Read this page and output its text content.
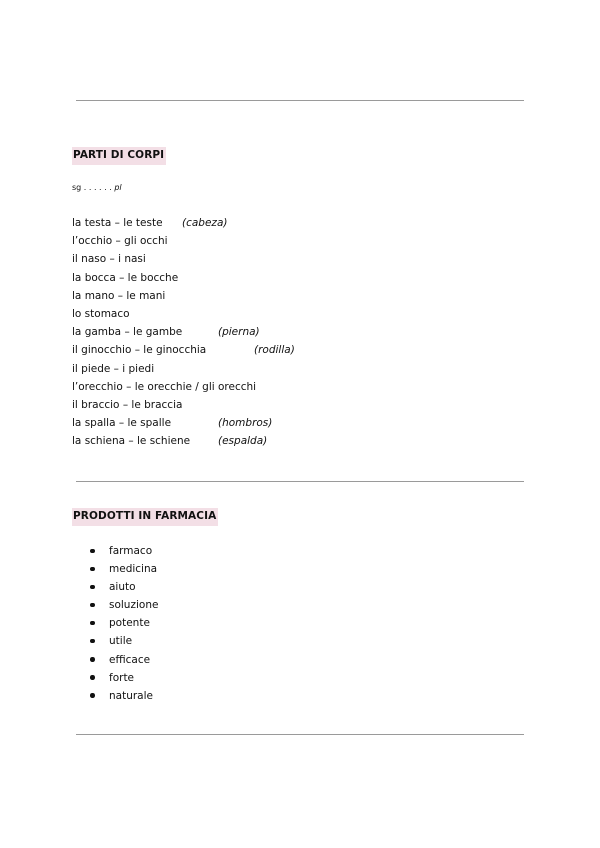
PARTI DI CORPI
sg . . . . . . pl
la testa – le teste (cabeza)
l’occhio – gli occhi
il naso – i nasi
la bocca – le bocche
la mano – le mani
lo stomaco
la gamba – le gambe	(pierna)
il ginocchio – le ginocchia	(rodilla)
il piede – i piedi
l’orecchio – le orecchie / gli orecchi
il braccio – le braccia
la spalla – le spalle	(hombros)
la schiena – le schiene	(espalda)
PRODOTTI IN FARMACIA
farmaco
medicina
aiuto
soluzione
potente
utile
efficace
forte
naturale
